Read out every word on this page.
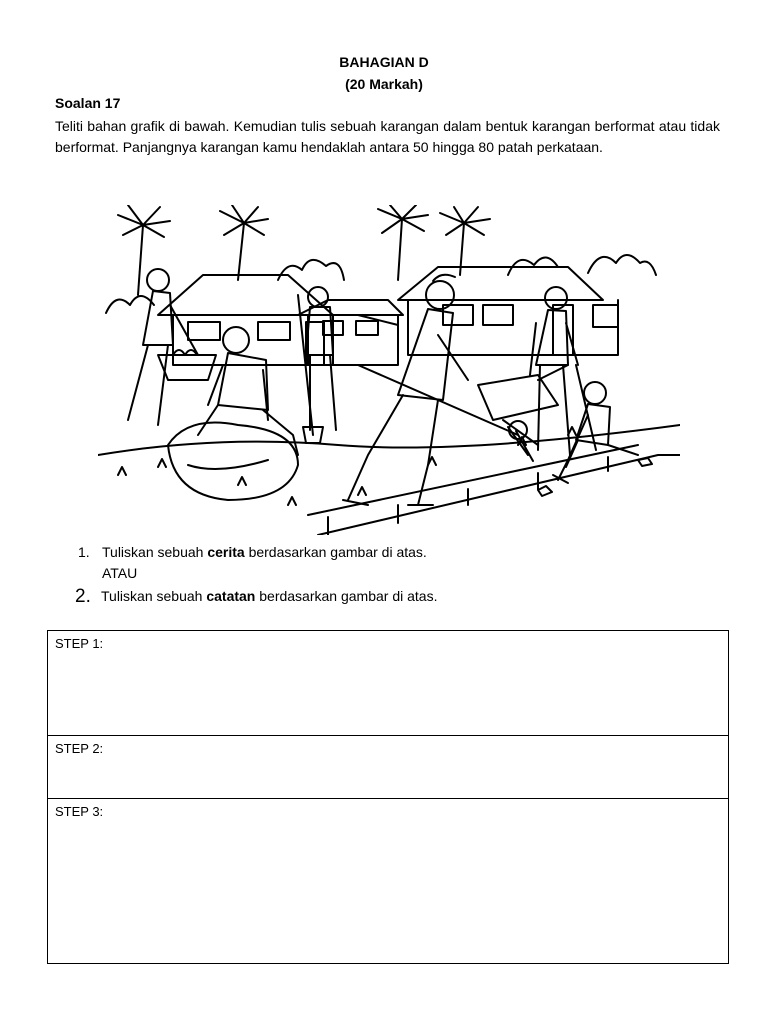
BAHAGIAN D
(20 Markah)
Soalan 17
Teliti bahan grafik di bawah. Kemudian tulis sebuah karangan dalam bentuk karangan berformat atau tidak berformat. Panjangnya karangan kamu hendaklah antara 50 hingga 80 patah perkataan.
1. Tuliskan sebuah cerita berdasarkan gambar di atas.
ATAU
2. Tuliskan sebuah catatan berdasarkan gambar di atas.
STEP 1:
STEP 2:
STEP 3:
